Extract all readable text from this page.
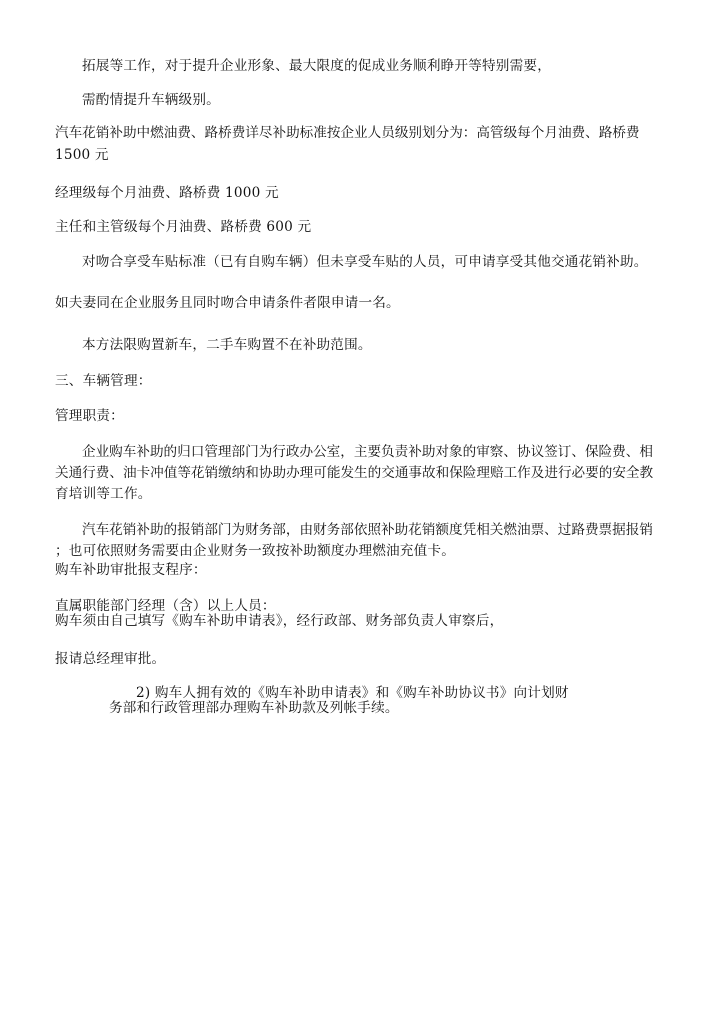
拓展等工作，对于提升企业形象、最大限度的促成业务顺利睁开等特别需要，
需酌情提升车辆级别。
汽车花销补助中燃油费、路桥费详尽补助标准按企业人员级别划分为：高管级每个月油费、路桥费
1500 元
经理级每个月油费、路桥费 1000 元
主任和主管级每个月油费、路桥费 600 元
对吻合享受车贴标准（已有自购车辆）但未享受车贴的人员，可申请享受其他交通花销补助。
如夫妻同在企业服务且同时吻合申请条件者限申请一名。
本方法限购置新车，二手车购置不在补助范围。
三、车辆管理：
管理职责：
企业购车补助的归口管理部门为行政办公室，主要负责补助对象的审察、协议签订、保险费、相
关通行费、油卡冲值等花销缴纳和协助办理可能发生的交通事故和保险理赔工作及进行必要的安全教
育培训等工作。
汽车花销补助的报销部门为财务部，由财务部依照补助花销额度凭相关燃油票、过路费票据报销
；也可依照财务需要由企业财务一致按补助额度办理燃油充值卡。
购车补助审批报支程序：
直属职能部门经理（含）以上人员：
购车须由自己填写《购车补助申请表》，经行政部、财务部负责人审察后，
报请总经理审批。
2) 购车人拥有效的《购车补助申请表》和《购车补助协议书》向计划财
务部和行政管理部办理购车补助款及列帐手续。
